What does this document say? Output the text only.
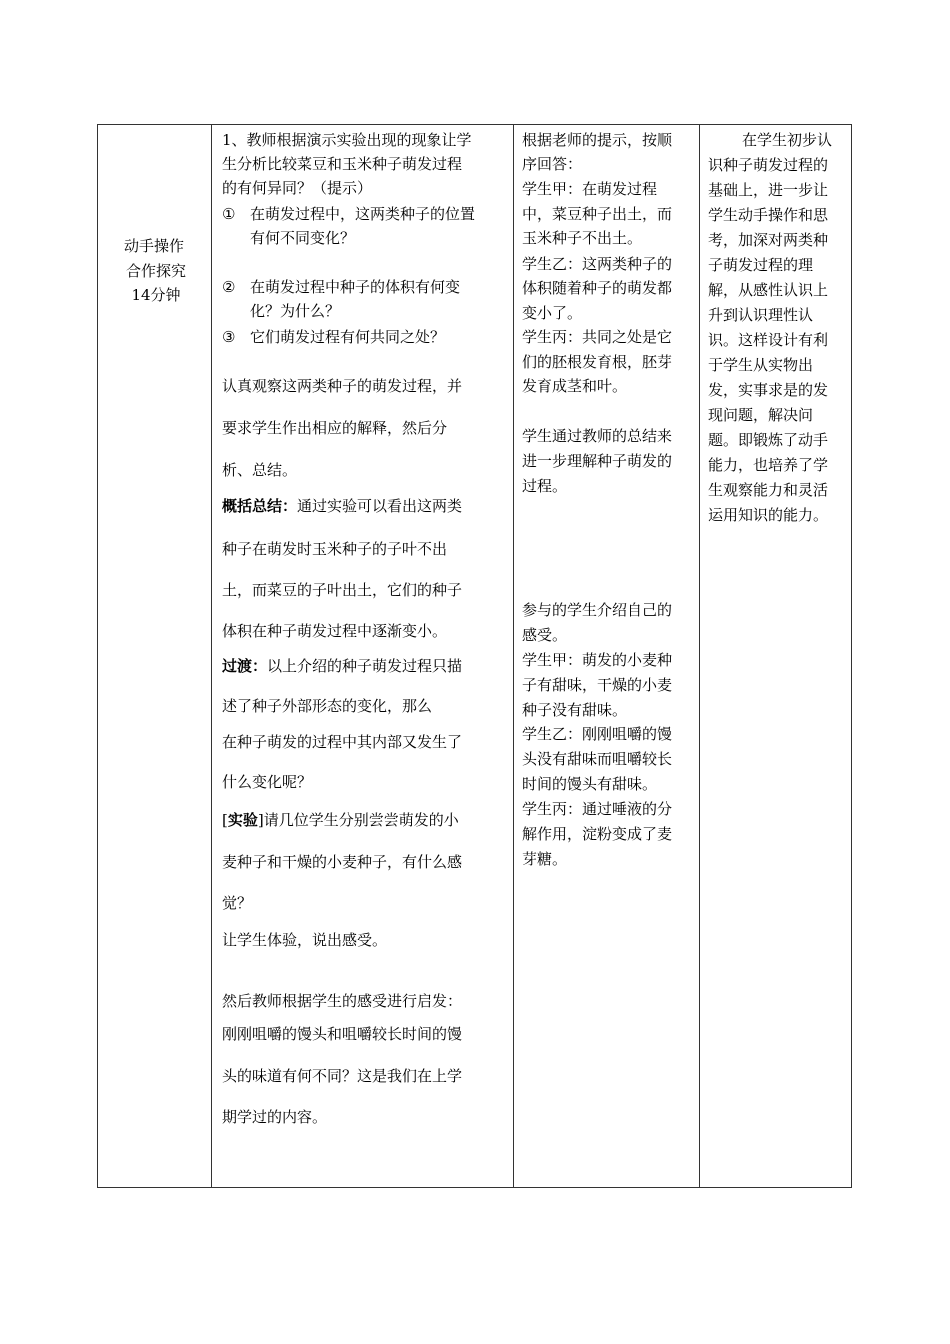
动手操作
合作探究
14分钟
1、教师根据演示实验出现的现象让学
生分析比较菜豆和玉米种子萌发过程
的有何异同？（提示）
① 在萌发过程中，这两类种子的位置
有何不同变化？
② 在萌发过程中种子的体积有何变
化？为什么？
③ 它们萌发过程有何共同之处？
认真观察这两类种子的萌发过程，并
要求学生作出相应的解释，然后分
析、总结。
概括总结：通过实验可以看出这两类
种子在萌发时玉米种子的子叶不出
土，而菜豆的子叶出土，它们的种子
体积在种子萌发过程中逐渐变小。
过渡：以上介绍的种子萌发过程只描
述了种子外部形态的变化，那么
在种子萌发的过程中其内部又发生了
什么变化呢？
[实验]请几位学生分别尝尝萌发的小
麦种子和干燥的小麦种子，有什么感
觉？
让学生体验，说出感受。
然后教师根据学生的感受进行启发：
刚刚咀嚼的馒头和咀嚼较长时间的馒
头的味道有何不同？这是我们在上学
期学过的内容。
根据老师的提示，按顺
序回答：
学生甲：在萌发过程
中，菜豆种子出土，而
玉米种子不出土。
学生乙：这两类种子的
体积随着种子的萌发都
变小了。
学生丙：共同之处是它
们的胚根发育根，胚芽
发育成茎和叶。
学生通过教师的总结来
进一步理解种子萌发的
过程。
参与的学生介绍自己的
感受。
学生甲：萌发的小麦种
子有甜味，干燥的小麦
种子没有甜味。
学生乙：刚刚咀嚼的馒
头没有甜味而咀嚼较长
时间的馒头有甜味。
学生丙：通过唾液的分
解作用，淀粉变成了麦
芽糖。
在学生初步认
识种子萌发过程的
基础上，进一步让
学生动手操作和思
考，加深对两类种
子萌发过程的理
解，从感性认识上
升到认识理性认
识。这样设计有利
于学生从实物出
发，实事求是的发
现问题，解决问
题。即锻炼了动手
能力，也培养了学
生观察能力和灵活
运用知识的能力。
